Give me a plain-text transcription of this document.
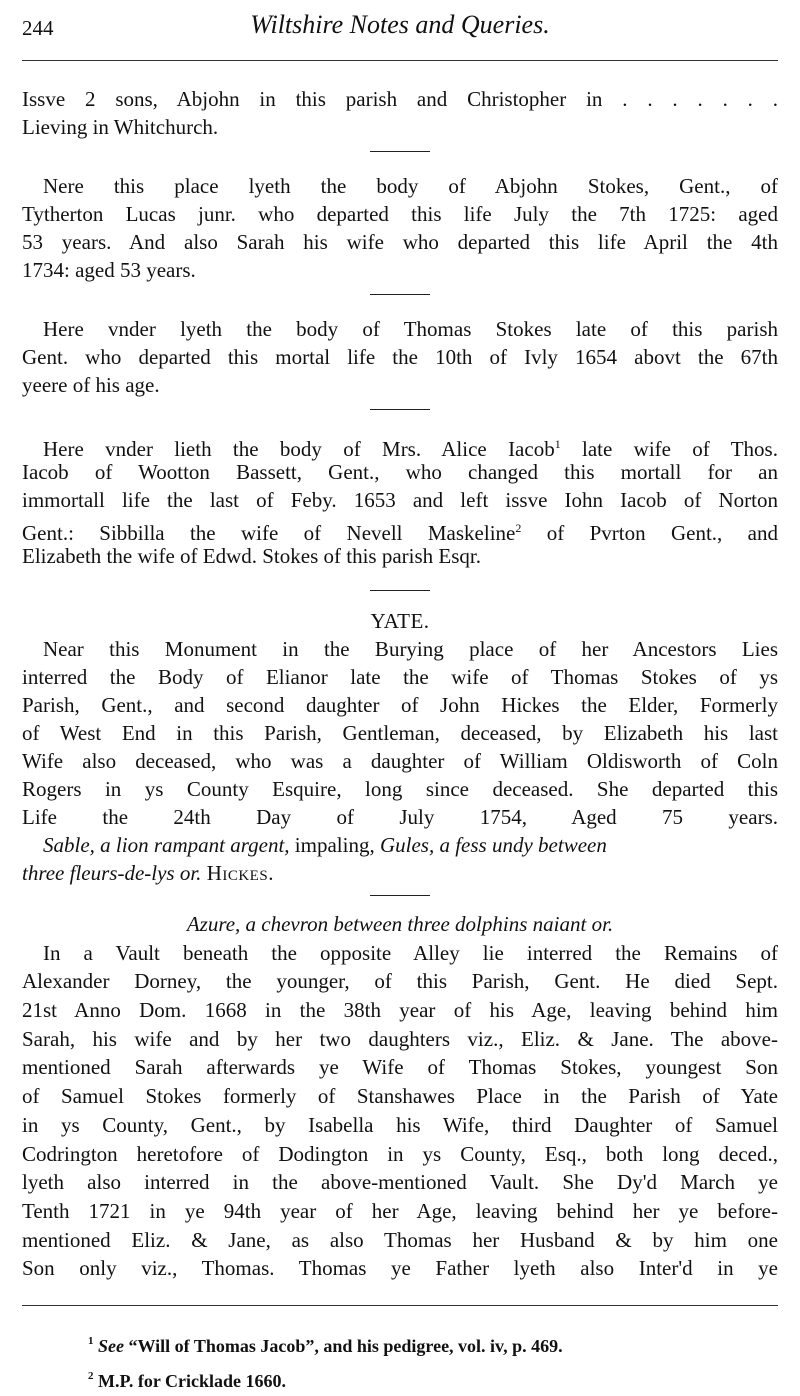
244	Wiltshire Notes and Queries.
Issve 2 sons, Abjohn in this parish and Christopher in . . . . . . .
Lieving in Whitchurch.
 Nere this place lyeth the body of Abjohn Stokes, Gent., of
Tytherton Lucas junr. who departed this life July the 7th 1725: aged
53 years. And also Sarah his wife who departed this life April the 4th
1734: aged 53 years.
 Here vnder lyeth the body of Thomas Stokes late of this parish
Gent. who departed this mortal life the 10th of Ivly 1654 abovt the 67th
yeere of his age.
 Here vnder lieth the body of Mrs. Alice Iacob$^1$ late wife of Thos.
Iacob of Wootton Bassett, Gent., who changed this mortall for an
immortall life the last of Feby. 1653 and left issve Iohn Iacob of Norton
Gent.: Sibbilla the wife of Nevell Maskeline$^2$ of Pvrton Gent., and
Elizabeth the wife of Edwd. Stokes of this parish Esqr.
YATE.
 Near this Monument in the Burying place of her Ancestors Lies
interred the Body of Elianor late the wife of Thomas Stokes of ys
Parish, Gent., and second daughter of John Hickes the Elder, Formerly
of West End in this Parish, Gentleman, deceased, by Elizabeth his last
Wife also deceased, who was a daughter of William Oldisworth of Coln
Rogers in ys County Esquire, long since deceased. She departed this
Life the 24th Day of July 1754, Aged 75 years.
 Sable, a lion rampant argent, impaling, Gules, a fess undy between
three fleurs-de-lys or. Hickes.
Azure, a chevron between three dolphins naiant or.
 In a Vault beneath the opposite Alley lie interred the Remains of
Alexander Dorney, the younger, of this Parish, Gent. He died Sept.
21st Anno Dom. 1668 in the 38th year of his Age, leaving behind him
Sarah, his wife and by her two daughters viz., Eliz. & Jane. The above-
mentioned Sarah afterwards ye Wife of Thomas Stokes, youngest Son
of Samuel Stokes formerly of Stanshawes Place in the Parish of Yate
in ys County, Gent., by Isabella his Wife, third Daughter of Samuel
Codrington heretofore of Dodington in ys County, Esq., both long deced.,
lyeth also interred in the above-mentioned Vault. She Dy'd March ye
Tenth 1721 in ye 94th year of her Age, leaving behind her ye before-
mentioned Eliz. & Jane, as also Thomas her Husband & by him one
Son only viz., Thomas. Thomas ye Father lyeth also Inter'd in ye
$^1$ See “Will of Thomas Jacob”, and his pedigree, vol. iv, p. 469.
$^2$ M.P. for Cricklade 1660.
